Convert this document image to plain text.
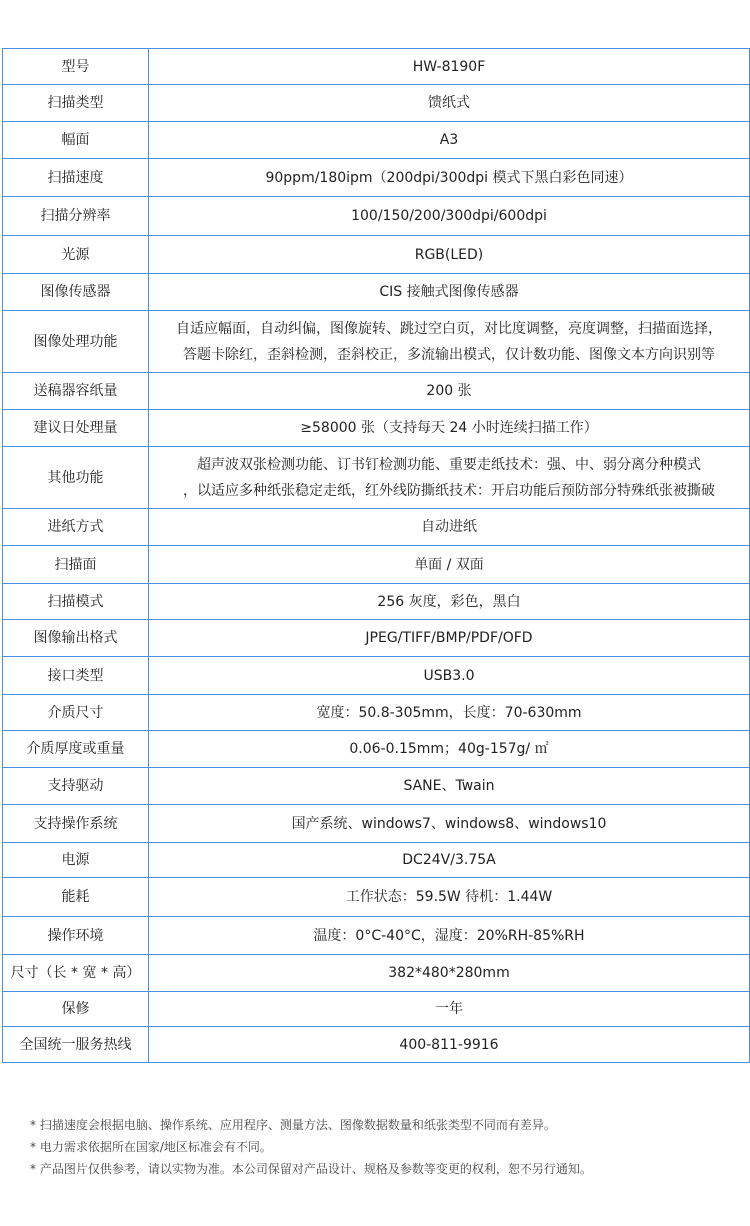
型号	HW-8190F
扫描类型	馈纸式
幅面	A3
扫描速度	90ppm/180ipm（200dpi/300dpi 模式下黑白彩色同速）
扫描分辨率	100/150/200/300dpi/600dpi
光源	RGB(LED)
图像传感器	CIS 接触式图像传感器
图像处理功能	自适应幅面，自动纠偏，图像旋转、跳过空白页，对比度调整，亮度调整，扫描面选择，
答题卡除红，歪斜检测，歪斜校正，多流输出模式，仅计数功能、图像文本方向识别等

送稿器容纸量	200 张
建议日处理量	≥58000 张（支持每天 24 小时连续扫描工作）
其他功能	超声波双张检测功能、订书钉检测功能、重要走纸技术：强、中、弱分离分种模式
，以适应多种纸张稳定走纸，红外线防撕纸技术：开启功能后预防部分特殊纸张被撕破

进纸方式	自动进纸
扫描面	单面 / 双面
扫描模式	256 灰度，彩色，黑白
图像输出格式	JPEG/TIFF/BMP/PDF/OFD
接口类型	USB3.0
介质尺寸	宽度：50.8-305mm，长度：70-630mm
介质厚度或重量	0.06-0.15mm；40g-157g/ ㎡
支持驱动	SANE、Twain
支持操作系统	国产系统、windows7、windows8、windows10
电源	DC24V/3.75A
能耗	工作状态：59.5W 待机：1.44W
操作环境	温度：0°C-40°C，湿度：20%RH-85%RH
尺寸（长 * 宽 * 高）	382*480*280mm
保修	一年
全国统一服务热线	400-811-9916
* 扫描速度会根据电脑、操作系统、应用程序、测量方法、图像数据数量和纸张类型不同而有差异。
* 电力需求依据所在国家/地区标准会有不同。
* 产品图片仅供参考，请以实物为准。本公司保留对产品设计、规格及参数等变更的权利，恕不另行通知。
